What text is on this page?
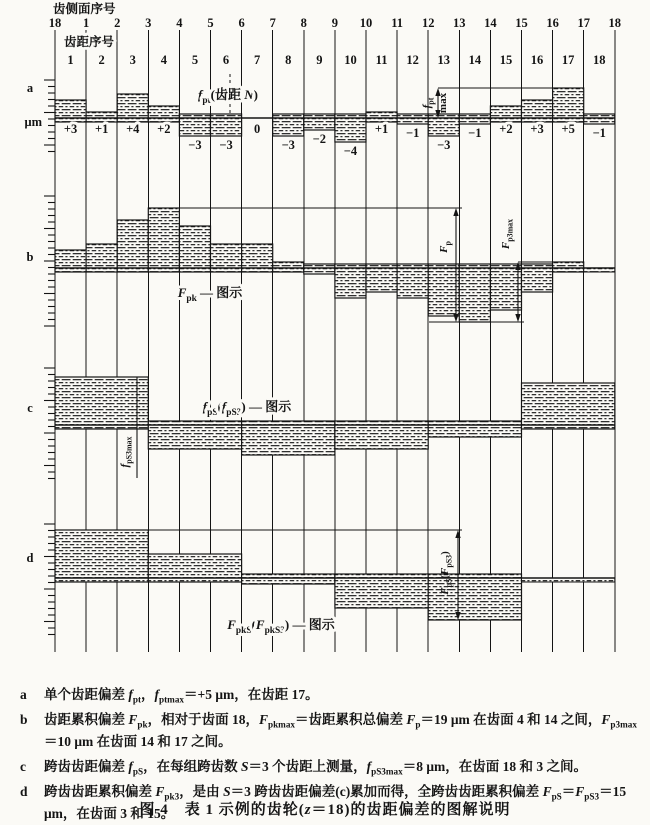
a
b
c
d
μm
齿侧面序号
18 1 2 3 4 5 6 7 8 9 10 11 12 13 14 15 16 17 18
齿距序号
1 2 3 4 5 6 7 8 9 10 11 12 13 14 15 16 17 18
+3 +1 +4 +2
−3 −3
0
−3 −2
−4
+1 −1
−3
−1 +2 +3 +5 −1
$f_{pt}$(齿距 N)
$f_{pt}$ max
$F_{pk}$ — 图示
$F_p$	$F_{p3max}$
$f_{pS}(f_{pS3})$ — 图示
$f_{pS3max}$
$F_{pkS}(F_{pkS3})$ — 图示
$F_{pS}(F_{pS3})$
a	单个齿距偏差 $f_{pt}$，$f_{ptmax}=+5$ μm，在齿距 17。
b	齿距累积偏差 $F_{pk}$，相对于齿面 18，$F_{pkmax}=$齿距累积总偏差 $F_p=19$ μm 在齿面 4 和 14 之间，$F_{p3max}=10$ μm 在齿面 14 和 17 之间。
c	跨齿齿距偏差 $f_{pS}$，在每组跨齿数 S＝3 个齿距上测量，$f_{pS3max}=8$ μm，在齿面 18 和 3 之间。
d	跨齿齿距累积偏差 $F_{pk3}$，是由 S＝3 跨齿齿距偏差(c)累加而得，全跨齿齿距累积偏差 $F_{pS}=F_{pS3}=15$ μm，在齿面 3 和 15。
图 4　表 1 示例的齿轮(z＝18)的齿距偏差的图解说明
